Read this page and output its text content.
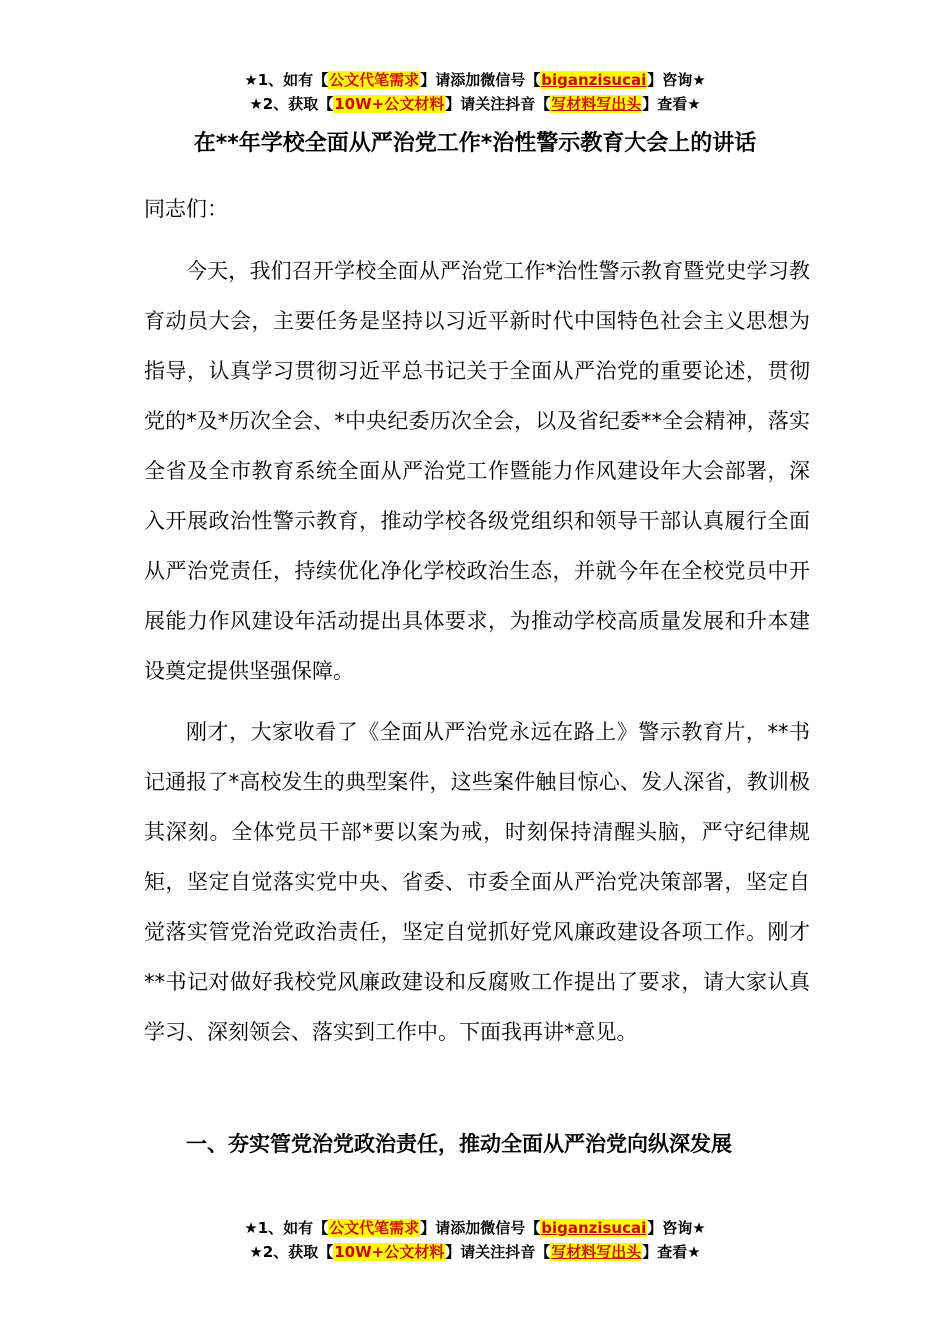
★1、如有【公文代笔需求】请添加微信号【biganzisucai】咨询★
★2、获取【10W+公文材料】请关注抖音【写材料写出头】查看★
在**年学校全面从严治党工作*治性警示教育大会上的讲话
同志们：
今天，我们召开学校全面从严治党工作*治性警示教育暨党史学习教育动员大会，主要任务是坚持以习近平新时代中国特色社会主义思想为指导，认真学习贯彻习近平总书记关于全面从严治党的重要论述，贯彻党的*及*历次全会、*中央纪委历次全会，以及省纪委**全会精神，落实全省及全市教育系统全面从严治党工作暨能力作风建设年大会部署，深入开展政治性警示教育，推动学校各级党组织和领导干部认真履行全面从严治党责任，持续优化净化学校政治生态，并就今年在全校党员中开展能力作风建设年活动提出具体要求，为推动学校高质量发展和升本建设奠定提供坚强保障。
刚才，大家收看了《全面从严治党永远在路上》警示教育片，**书记通报了*高校发生的典型案件，这些案件触目惊心、发人深省，教训极其深刻。全体党员干部*要以案为戒，时刻保持清醒头脑，严守纪律规矩，坚定自觉落实党中央、省委、市委全面从严治党决策部署，坚定自觉落实管党治党政治责任，坚定自觉抓好党风廉政建设各项工作。刚才**书记对做好我校党风廉政建设和反腐败工作提出了要求，请大家认真学习、深刻领会、落实到工作中。下面我再讲*意见。
一、夯实管党治党政治责任，推动全面从严治党向纵深发展
★1、如有【公文代笔需求】请添加微信号【biganzisucai】咨询★
★2、获取【10W+公文材料】请关注抖音【写材料写出头】查看★
